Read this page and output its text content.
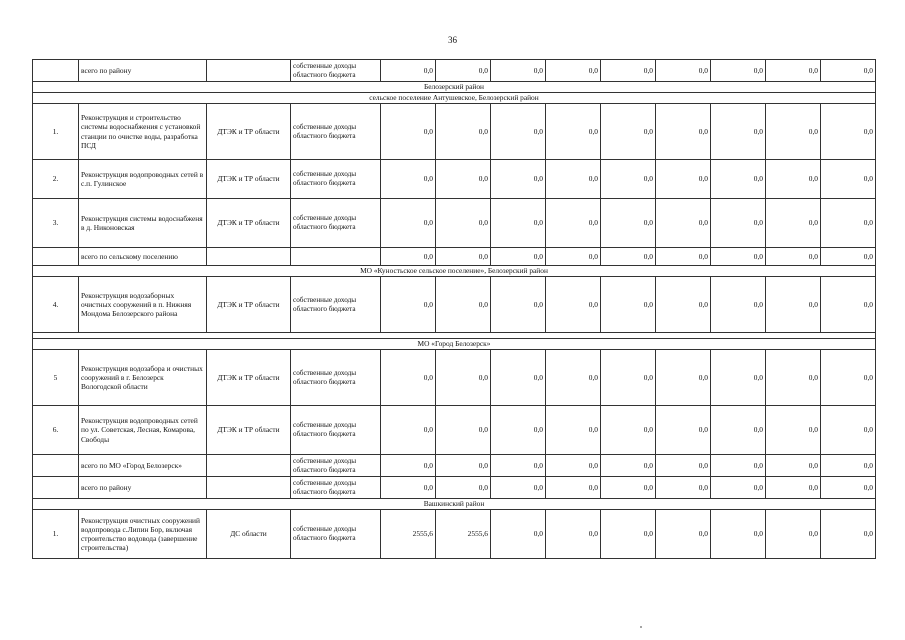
36
	всего по району		собственные доходы областного бюджета	0,0	0,0	0,0	0,0	0,0	0,0	0,0	0,0	0,0
Белозерский район												
сельское поселение Антушевское, Белозерский район												
1.	Реконструкция и строительство системы водоснабжения с установкой станции по очистке воды, разработка ПСД	ДТЭК и ТР области	собственные доходы областного бюджета	0,0	0,0	0,0	0,0	0,0	0,0	0,0	0,0	0,0
2.	Реконструкция водопроводных сетей в с.п. Гулинское	ДТЭК и ТР области	собственные доходы областного бюджета	0,0	0,0	0,0	0,0	0,0	0,0	0,0	0,0	0,0
3.	Реконструкция системы водоснабженя в д. Никоновская	ДТЭК и ТР области	собственные доходы областного бюджета	0,0	0,0	0,0	0,0	0,0	0,0	0,0	0,0	0,0
	всего по сельскому поселению			0,0	0,0	0,0	0,0	0,0	0,0	0,0	0,0	0,0
МО «Куностьское сельское поселение», Белозерский район												
4.	Реконструкция водозаборных очистных сооружений в п. Нижняя Мондома Белозерского района	ДТЭК и ТР области	собственные доходы областного бюджета	0,0	0,0	0,0	0,0	0,0	0,0	0,0	0,0	0,0

МО «Город Белозерск»												
5	Реконструкция водозабора и очистных сооружений в г. Белозерск Вологодской области	ДТЭК и ТР области	собственные доходы областного бюджета	0,0	0,0	0,0	0,0	0,0	0,0	0,0	0,0	0,0
6.	Реконструкция водопроводных сетей по ул. Советская, Лесная, Комарова, Свободы	ДТЭК и ТР области	собственные доходы областного бюджета	0,0	0,0	0,0	0,0	0,0	0,0	0,0	0,0	0,0
	всего по МО «Город Белозерск»		собственные доходы областного бюджета	0,0	0,0	0,0	0,0	0,0	0,0	0,0	0,0	0,0
	всего по району		собственные доходы областного бюджета	0,0	0,0	0,0	0,0	0,0	0,0	0,0	0,0	0,0
Вашкинский район												
1.	Реконструкция очистных сооружений водопровода с.Липин Бор, включая строительство водовода (завершение строительства)	ДС области	собственные доходы областного бюджета	2555,6	2555,6	0,0	0,0	0,0	0,0	0,0	0,0	0,0
